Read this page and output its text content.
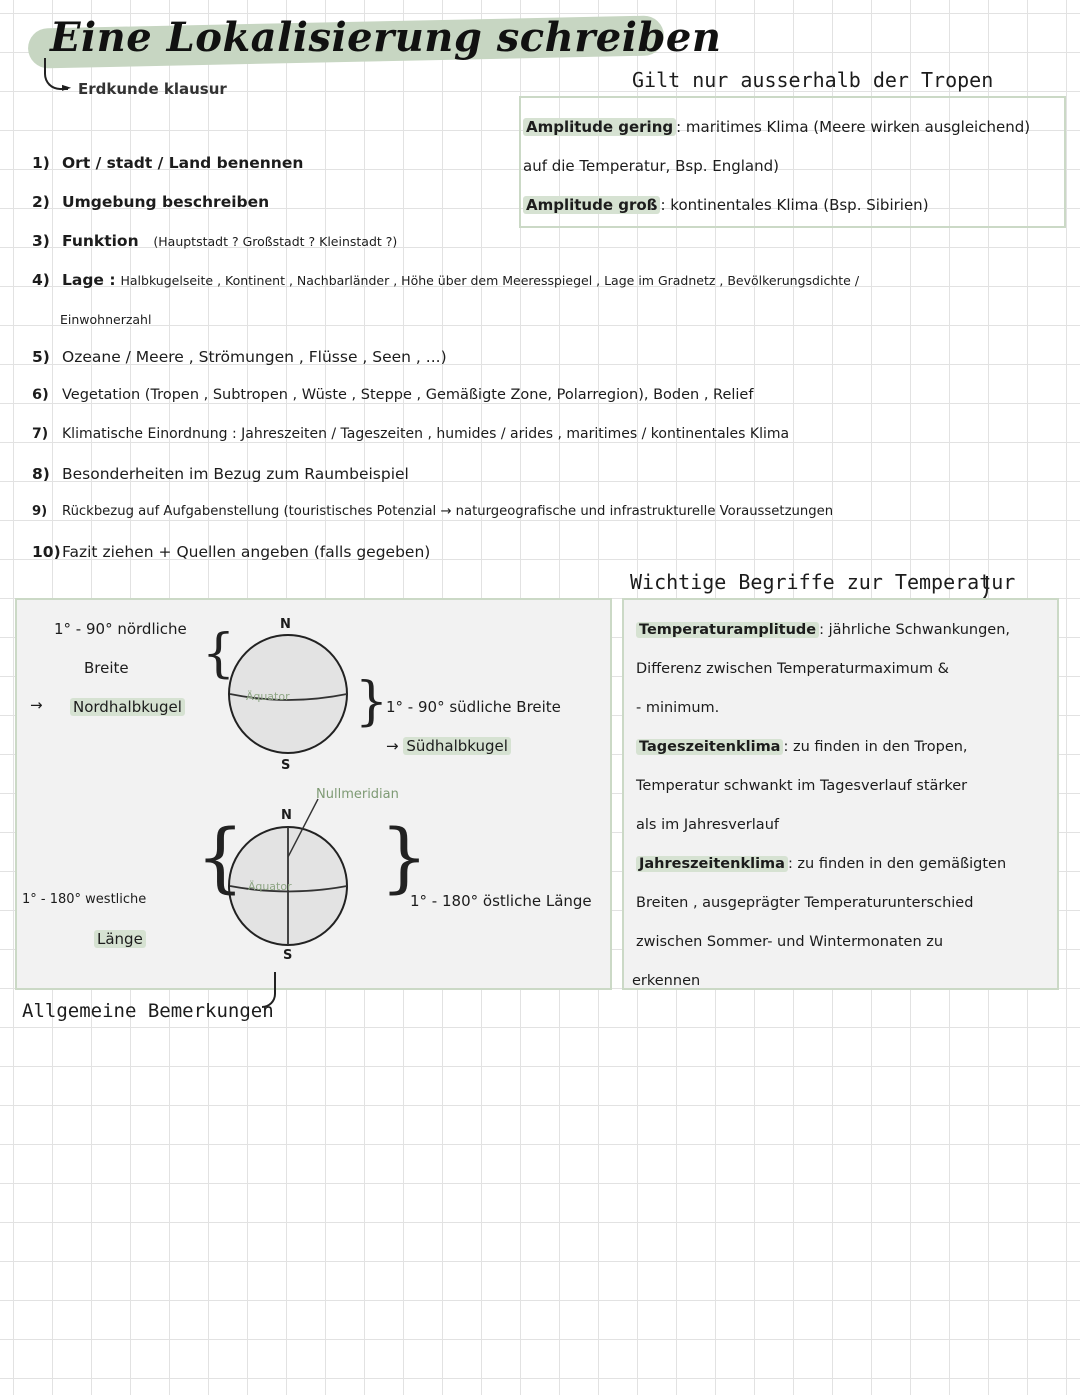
Eine Lokalisierung schreiben
► Erdkunde klausur	Gilt nur ausserhalb der Tropen
Amplitude gering : maritimes Klima (Meere wirken ausgleichend)
auf die Temperatur, Bsp. England)
Amplitude groß : kontinentales Klima (Bsp. Sibirien)
1) Ort / stadt / Land benennen
2) Umgebung beschreiben
3) Funktion (Hauptstadt ? Großstadt ? Kleinstadt ?)
4) Lage : Halbkugelseite , Kontinent , Nachbarländer , Höhe über dem Meeresspiegel , Lage im Gradnetz , Bevölkerungsdichte /
Einwohnerzahl
5) Ozeane / Meere , Strömungen , Flüsse , Seen , ...)
6) Vegetation (Tropen , Subtropen , Wüste , Steppe , Gemäßigte Zone, Polarregion), Boden , Relief
7) Klimatische Einordnung : Jahreszeiten / Tageszeiten , humides / arides , maritimes / kontinentales Klima
8) Besonderheiten im Bezug zum Raumbeispiel
9) Rückbezug auf Aufgabenstellung (touristisches Potenzial → naturgeografische und infrastrukturelle Voraussetzungen
10)Fazit ziehen + Quellen angeben (falls gegeben)
Wichtige Begriffe zur Temperatur
N
Äquator
S
{
}
1° - 90° nördliche
Breite
→ Nordhalbkugel	1° - 90° südliche Breite
→ Südhalbkugel
Nullmeridian
N
Äquator
S
{ }
1° - 180° westliche
Länge
1° - 180° östliche Länge
Allgemeine Bemerkungen
Temperaturamplitude : jährliche Schwankungen,
Differenz zwischen Temperaturmaximum &
- minimum.
Tageszeitenklima : zu finden in den Tropen,
Temperatur schwankt im Tagesverlauf stärker
als im Jahresverlauf
Jahreszeitenklima : zu finden in den gemäßigten
Breiten , ausgeprägter Temperaturunterschied
zwischen Sommer- und Wintermonaten zu
erkennen
